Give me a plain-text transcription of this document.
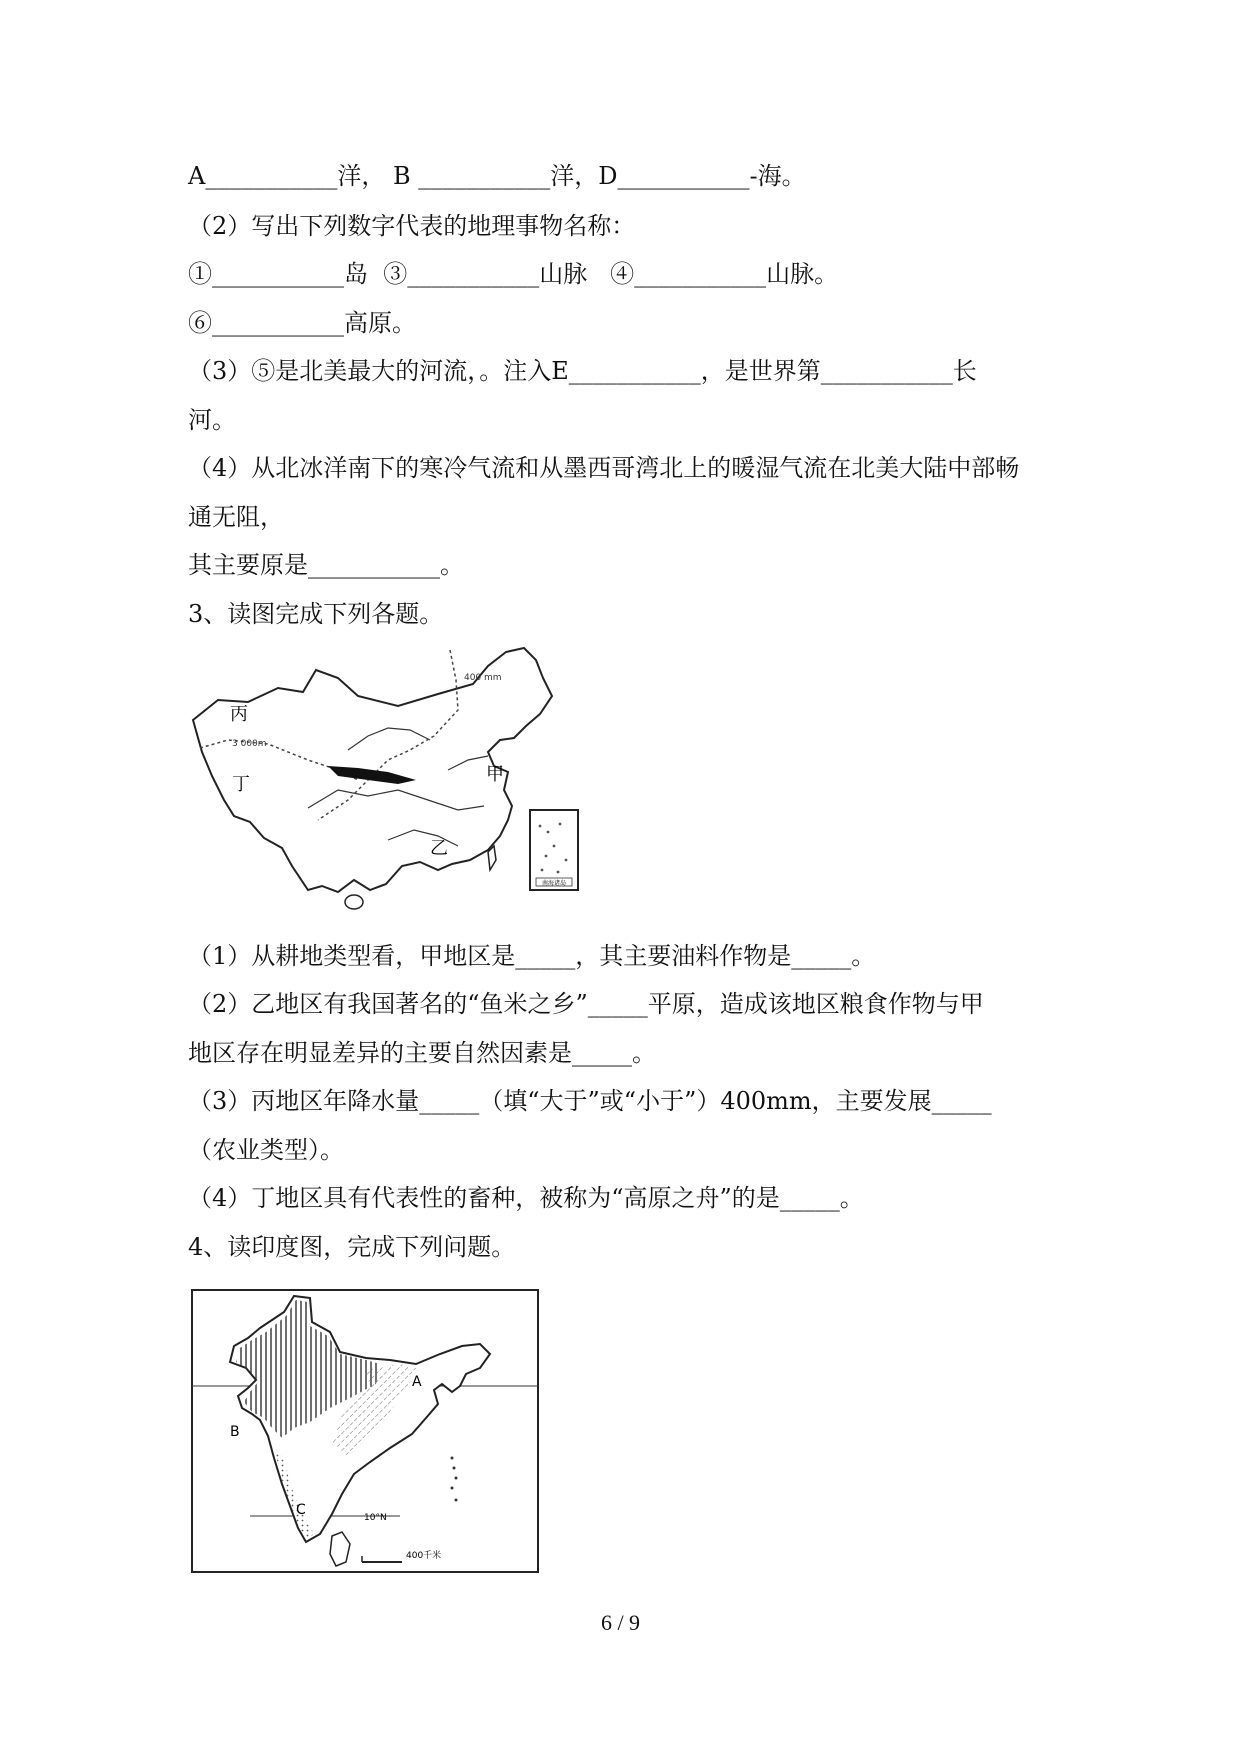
A___________洋， B ___________洋，D___________-海。
（2）写出下列数字代表的地理事物名称：
①___________岛  ③___________山脉   ④___________山脉。
⑥___________高原。
（3）⑤是北美最大的河流，。注入E___________，是世界第___________长
河。
（4）从北冰洋南下的寒冷气流和从墨西哥湾北上的暖湿气流在北美大陆中部畅
通无阻，
其主要原是___________。
3、读图完成下列各题。
南海诸岛
丙
3 000m
400 mm
丁	甲
乙
（1）从耕地类型看，甲地区是_____，其主要油料作物是_____。
（2）乙地区有我国著名的“鱼米之乡”_____平原，造成该地区粮食作物与甲
地区存在明显差异的主要自然因素是_____。
（3）丙地区年降水量_____（填“大于”或“小于”）400mm，主要发展_____
（农业类型）。
（4）丁地区具有代表性的畜种，被称为“高原之舟”的是_____。
4、读印度图，完成下列问题。
400千米
A
B
C	10°N
6 / 9
